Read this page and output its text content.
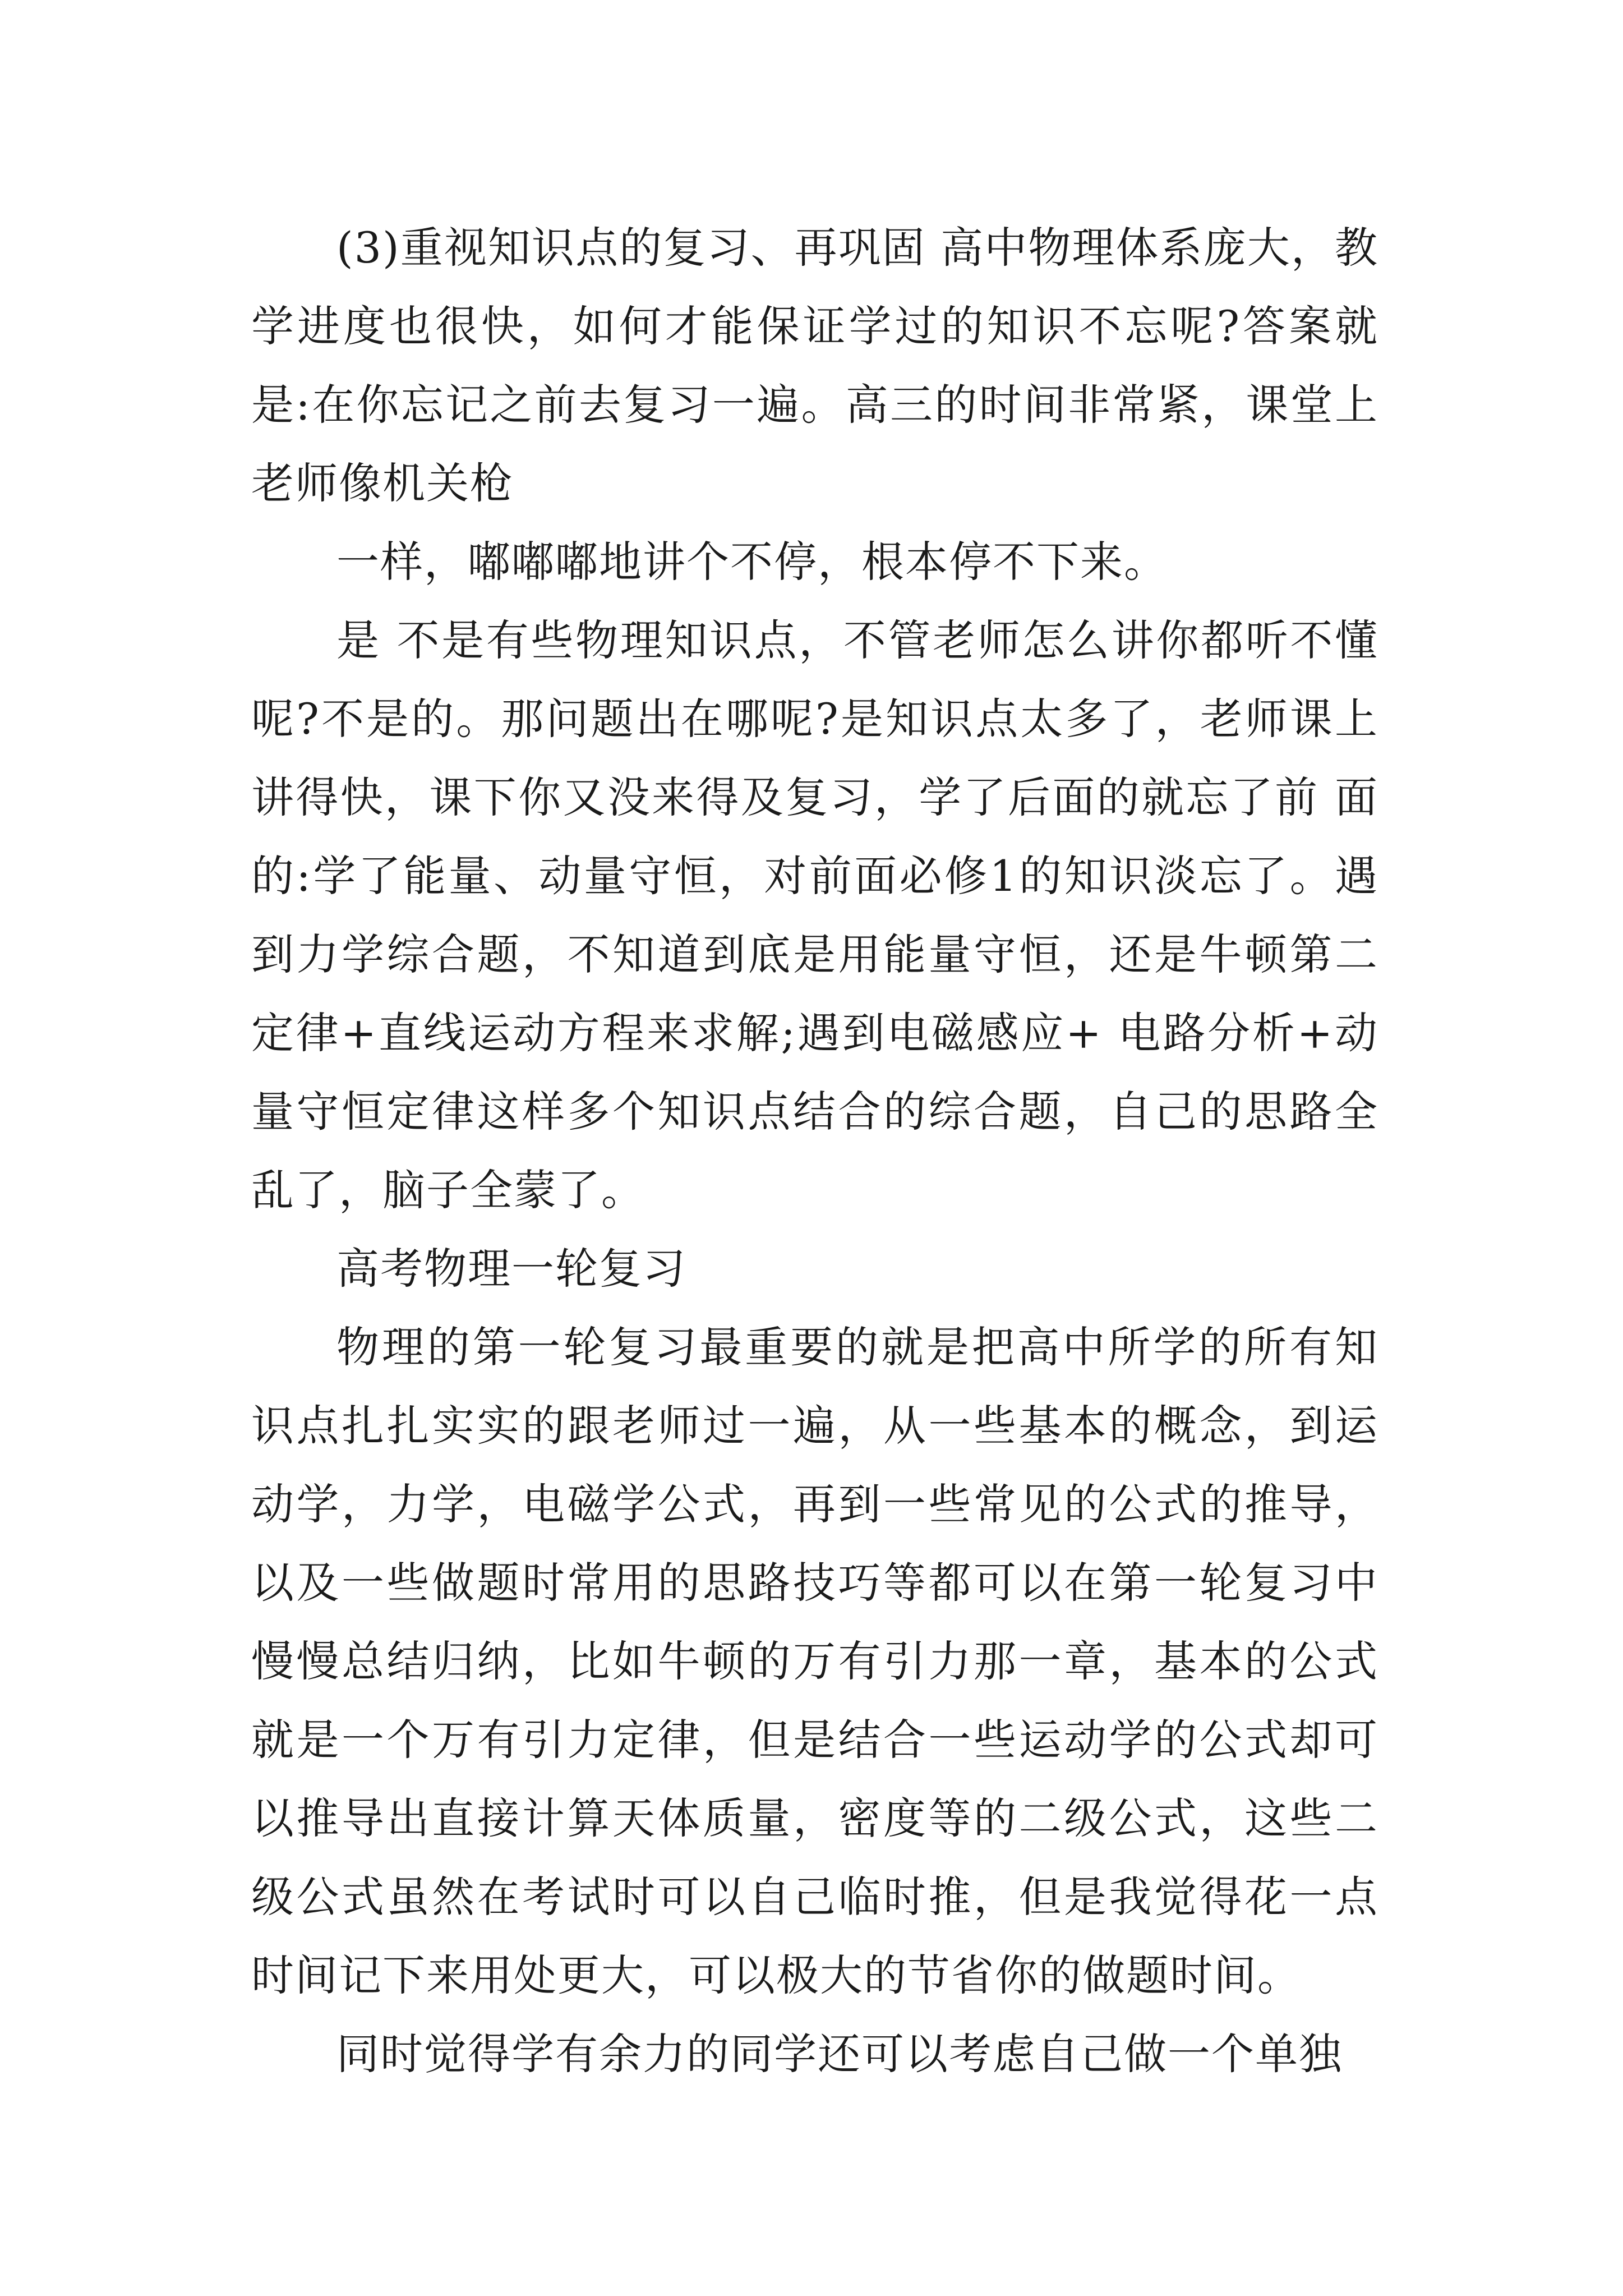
(3)重视知识点的复习、再巩固 高中物理体系庞大，教学进度也很快，如何才能保证学过的知识不忘呢?答案就是:在你忘记之前去复习一遍。高三的时间非常紧，课堂上老师像机关枪

一样，嘟嘟嘟地讲个不停，根本停不下来。

是 不是有些物理知识点，不管老师怎么讲你都听不懂呢?不是的。那问题出在哪呢?是知识点太多了，老师课上讲得快，课下你又没来得及复习，学了后面的就忘了前 面的:学了能量、动量守恒，对前面必修1的知识淡忘了。遇到力学综合题，不知道到底是用能量守恒，还是牛顿第二定律+直线运动方程来求解;遇到电磁感应+ 电路分析+动量守恒定律这样多个知识点结合的综合题，自己的思路全乱了，脑子全蒙了。

高考物理一轮复习

物理的第一轮复习最重要的就是把高中所学的所有知识点扎扎实实的跟老师过一遍，从一些基本的概念，到运动学，力学，电磁学公式，再到一些常见的公式的推导，以及一些做题时常用的思路技巧等都可以在第一轮复习中慢慢总结归纳，比如牛顿的万有引力那一章，基本的公式就是一个万有引力定律，但是结合一些运动学的公式却可以推导出直接计算天体质量，密度等的二级公式，这些二级公式虽然在考试时可以自己临时推，但是我觉得花一点时间记下来用处更大，可以极大的节省你的做题时间。

同时觉得学有余力的同学还可以考虑自己做一个单独
